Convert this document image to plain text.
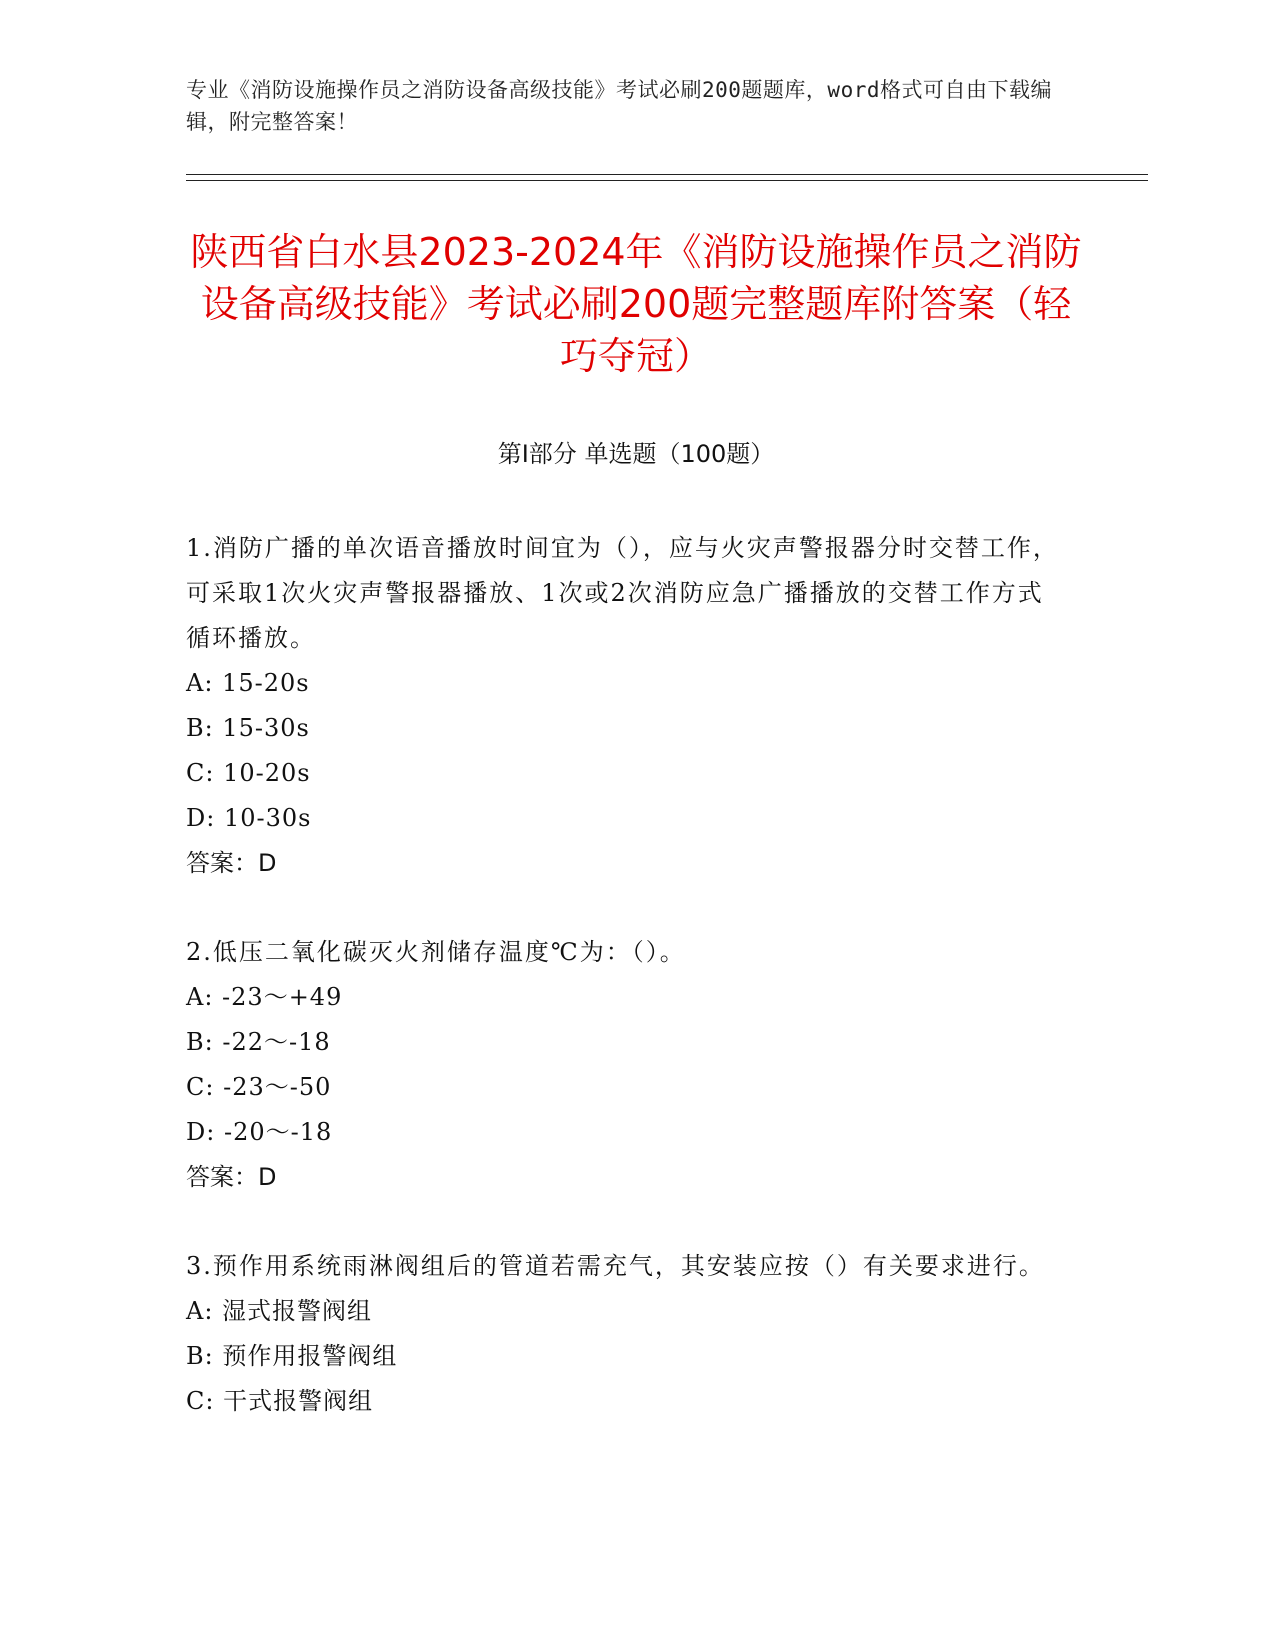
专业《消防设施操作员之消防设备高级技能》考试必刷200题题库，word格式可自由下载编辑，附完整答案！
陕西省白水县2023-2024年《消防设施操作员之消防设备高级技能》考试必刷200题完整题库附答案（轻巧夺冠）
第Ⅰ部分 单选题（100题）
1.消防广播的单次语音播放时间宜为（），应与火灾声警报器分时交替工作，可采取1次火灾声警报器播放、1次或2次消防应急广播播放的交替工作方式循环播放。
A: 15-20s
B: 15-30s
C: 10-20s
D: 10-30s
答案：D
2.低压二氧化碳灭火剂储存温度℃为：（）。
A: -23～+49
B: -22～-18
C: -23～-50
D: -20～-18
答案：D
3.预作用系统雨淋阀组后的管道若需充气，其安装应按（）有关要求进行。
A: 湿式报警阀组
B: 预作用报警阀组
C: 干式报警阀组
